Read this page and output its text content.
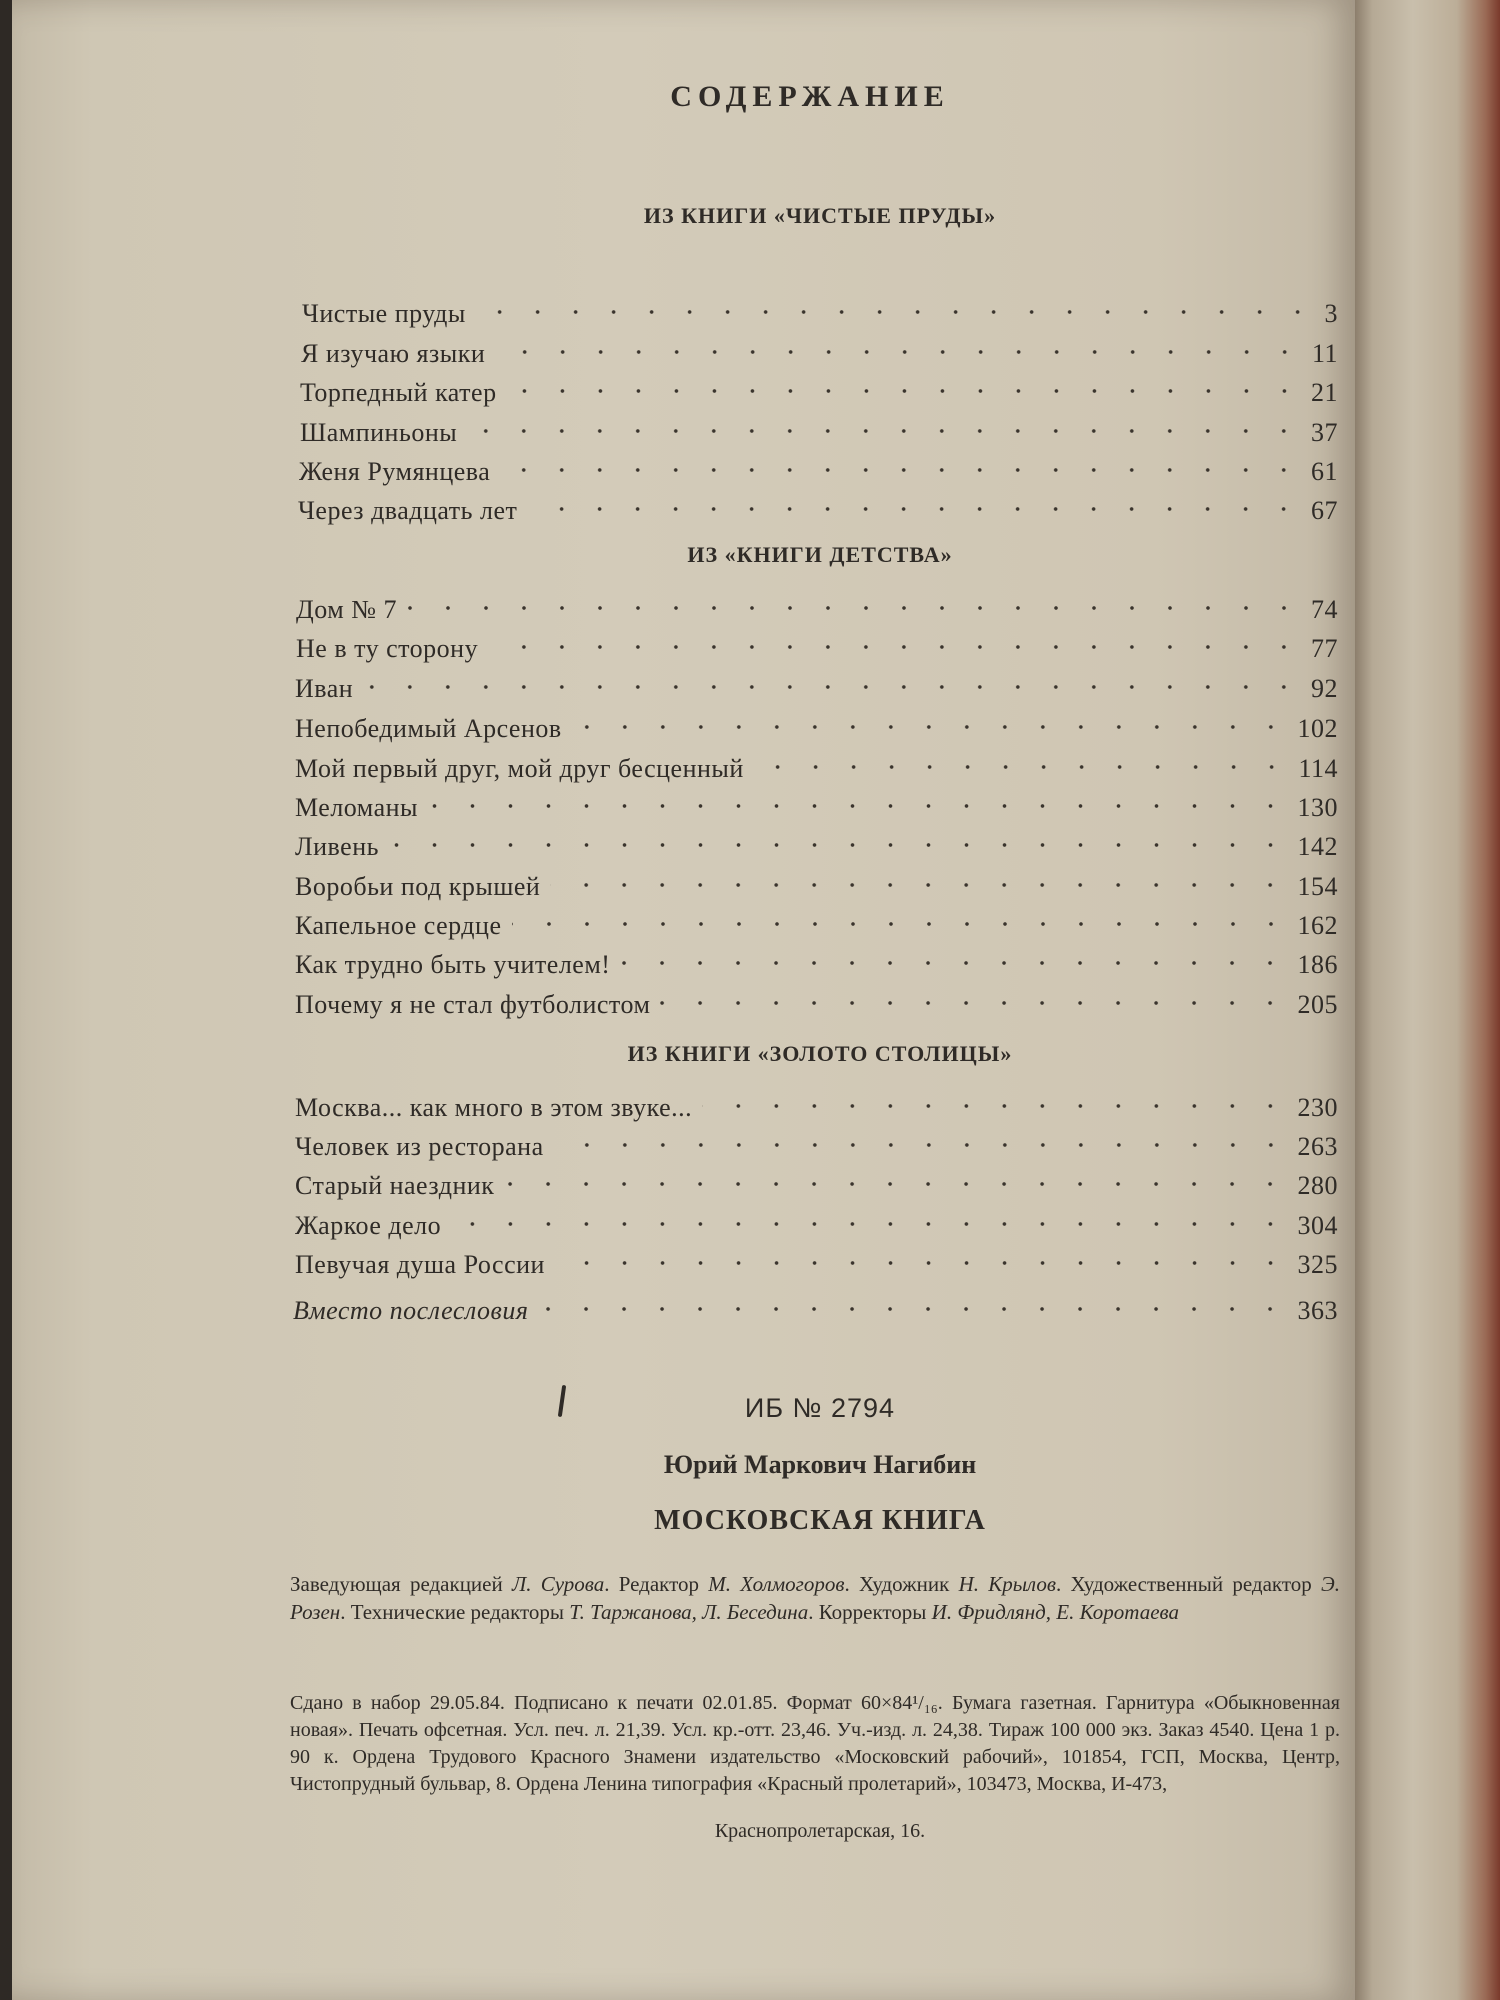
СОДЕРЖАНИЕ
ИЗ КНИГИ «ЧИСТЫЕ ПРУДЫ»
Чистые пруды	3
Я изучаю языки	11
Торпедный катер	21
Шампиньоны	37
Женя Румянцева	61
Через двадцать лет	67
ИЗ «КНИГИ ДЕТСТВА»
Дом № 7	74
Не в ту сторону	77
Иван	92
Непобедимый Арсенов	102
Мой первый друг, мой друг бесценный	114
Меломаны	130
Ливень	142
Воробьи под крышей	154
Капельное сердце	162
Как трудно быть учителем!	186
Почему я не стал футболистом	205
ИЗ КНИГИ «ЗОЛОТО СТОЛИЦЫ»
Москва... как много в этом звуке...	230
Человек из ресторана	263
Старый наездник	280
Жаркое дело	304
Певучая душа России	325
Вместо послесловия	363
ИБ № 2794
Юрий Маркович Нагибин
МОСКОВСКАЯ КНИГА
Заведующая редакцией Л. Сурова. Редактор М. Холмогоров. Художник Н. Крылов. Художественный редактор Э. Розен. Технические редакторы Т. Таржанова, Л. Беседина. Корректоры И. Фридлянд, Е. Коротаева
Сдано в набор 29.05.84. Подписано к печати 02.01.85. Формат 60×84¹/₁₆. Бумага газетная. Гарнитура «Обыкновенная новая». Печать офсетная. Усл. печ. л. 21,39. Усл. кр.-отт. 23,46. Уч.-изд. л. 24,38. Тираж 100 000 экз. Заказ 4540. Цена 1 р. 90 к. Ордена Трудового Красного Знамени издательство «Московский рабочий», 101854, ГСП, Москва, Центр, Чистопрудный бульвар, 8. Ордена Ленина типография «Красный пролетарий», 103473, Москва, И-473,
Краснопролетарская, 16.
